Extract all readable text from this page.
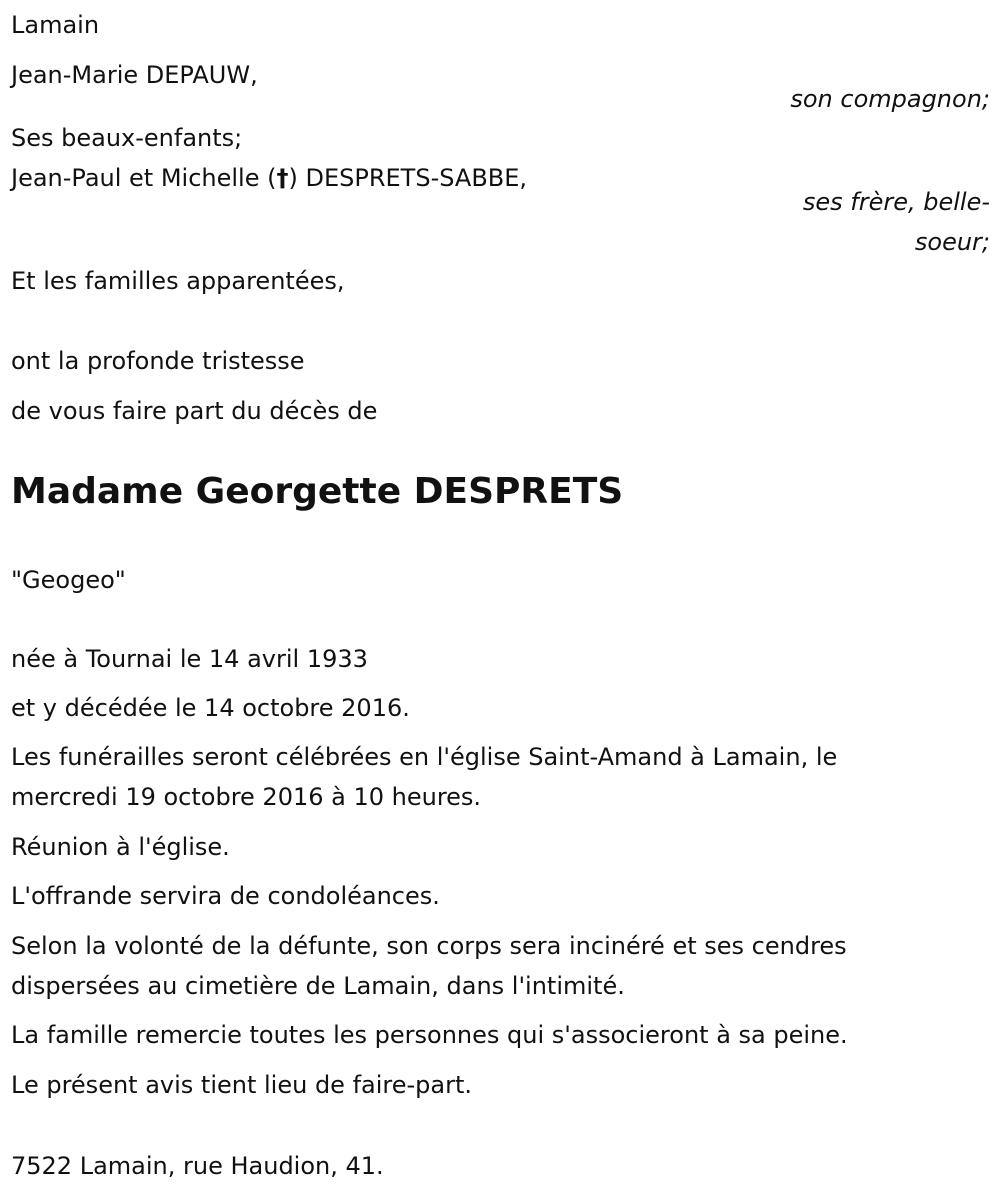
Lamain
Jean-Marie DEPAUW,
son compagnon;
Ses beaux-enfants;
Jean-Paul et Michelle (†) DESPRETS-SABBE,
ses frère, belle-
soeur;
Et les familles apparentées,
ont la profonde tristesse
de vous faire part du décès de
Madame Georgette DESPRETS
"Geogeo"
née à Tournai le 14 avril 1933
et y décédée le 14 octobre 2016.
Les funérailles seront célébrées en l'église Saint-Amand à Lamain, le mercredi 19 octobre 2016 à 10 heures.
Réunion à l'église.
L'offrande servira de condoléances.
Selon la volonté de la défunte, son corps sera inciné​ré et ses cendres dispersées au cimetière de Lamain, dans l'intimité.
La famille remercie toutes les personnes qui s'associeront à sa peine.
Le présent avis tient lieu de faire-part.
7522 Lamain, rue Haudion, 41.
